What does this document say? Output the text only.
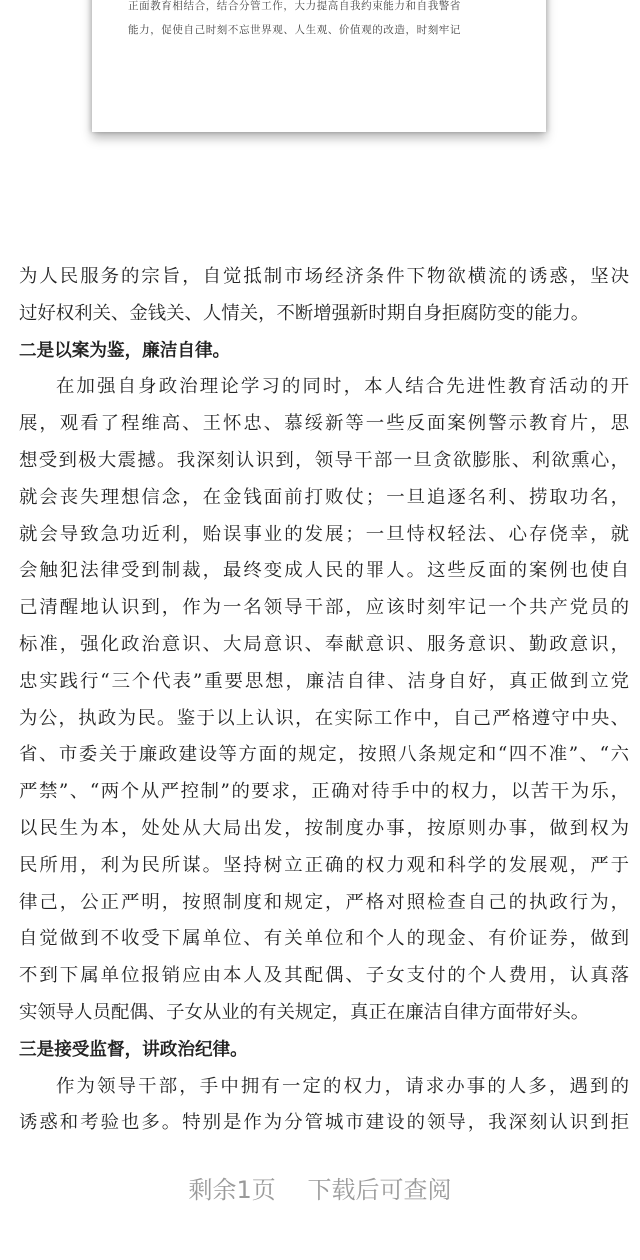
正面教育相结合，结合分管工作，大力提高自我约束能力和自我警省
能力，促使自己时刻不忘世界观、人生观、价值观的改造，时刻牢记
为人民服务的宗旨，自觉抵制市场经济条件下物欲横流的诱惑，坚决
过好权利关、金钱关、人情关，不断增强新时期自身拒腐防变的能力。
二是以案为鉴，廉洁自律。
在加强自身政治理论学习的同时，本人结合先进性教育活动的开
展，观看了程维高、王怀忠、慕绥新等一些反面案例警示教育片，思
想受到极大震撼。我深刻认识到，领导干部一旦贪欲膨胀、利欲熏心，
就会丧失理想信念，在金钱面前打败仗；一旦追逐名利、捞取功名，
就会导致急功近利，贻误事业的发展；一旦恃权轻法、心存侥幸，就
会触犯法律受到制裁，最终变成人民的罪人。这些反面的案例也使自
己清醒地认识到，作为一名领导干部，应该时刻牢记一个共产党员的
标准，强化政治意识、大局意识、奉献意识、服务意识、勤政意识，
忠实践行“三个代表”重要思想，廉洁自律、洁身自好，真正做到立党
为公，执政为民。鉴于以上认识，在实际工作中，自己严格遵守中央、
省、市委关于廉政建设等方面的规定，按照八条规定和“四不准”、“六
严禁”、“两个从严控制”的要求，正确对待手中的权力，以苦干为乐，
以民生为本，处处从大局出发，按制度办事，按原则办事，做到权为
民所用，利为民所谋。坚持树立正确的权力观和科学的发展观，严于
律己，公正严明，按照制度和规定，严格对照检查自己的执政行为，
自觉做到不收受下属单位、有关单位和个人的现金、有价证券，做到
不到下属单位报销应由本人及其配偶、子女支付的个人费用，认真落
实领导人员配偶、子女从业的有关规定，真正在廉洁自律方面带好头。
三是接受监督，讲政治纪律。
作为领导干部，手中拥有一定的权力，请求办事的人多，遇到的
诱惑和考验也多。特别是作为分管城市建设的领导，我深刻认识到拒
剩余1页 下载后可查阅
